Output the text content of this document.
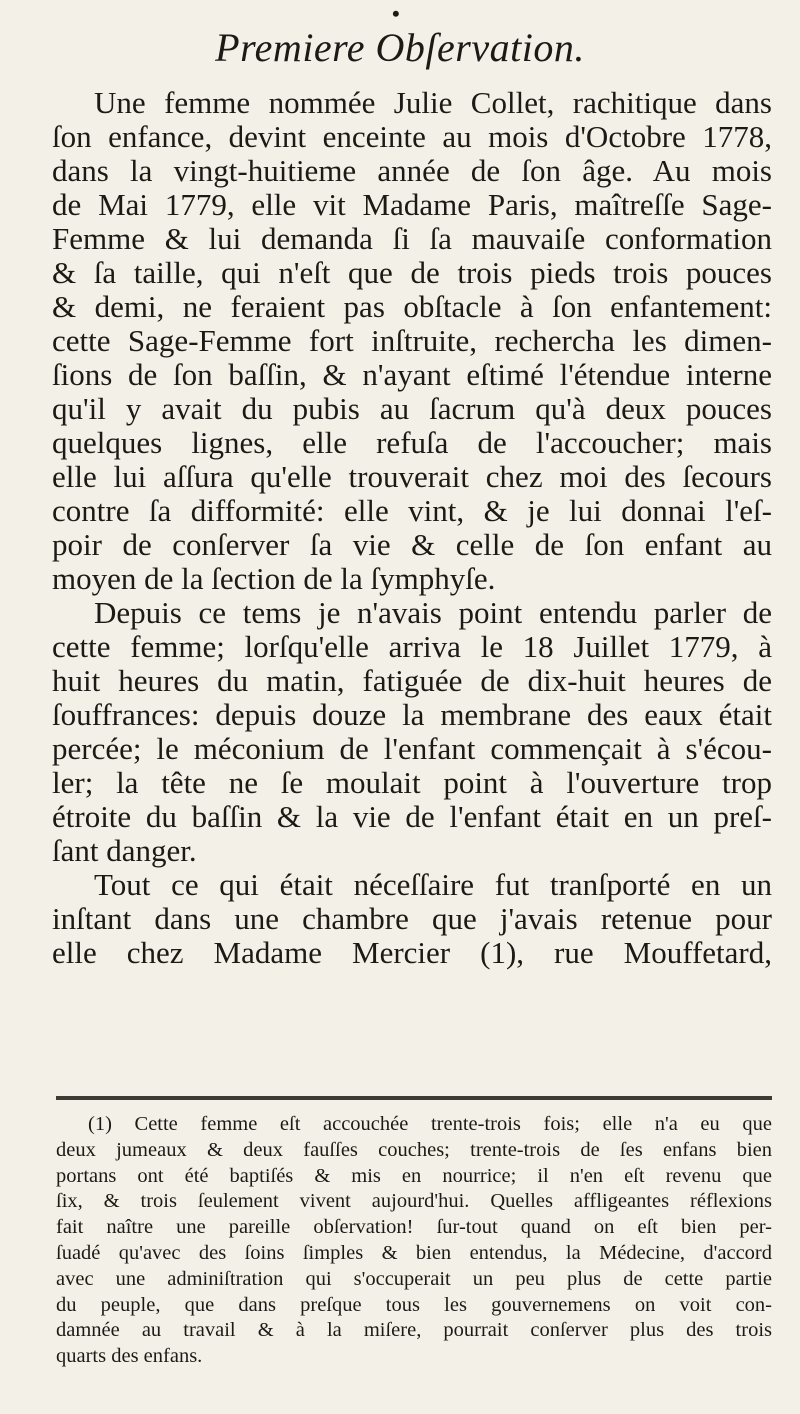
•
Premiere Obſervation.
Une femme nommée Julie Collet, rachitique dans
ſon enfance, devint enceinte au mois d'Octobre 1778,
dans la vingt-huitieme année de ſon âge. Au mois
de Mai 1779, elle vit Madame Paris, maîtreſſe Sage-
Femme & lui demanda ſi ſa mauvaiſe conformation
& ſa taille, qui n'eſt que de trois pieds trois pouces
& demi, ne feraient pas obſtacle à ſon enfantement:
cette Sage-Femme fort inſtruite, rechercha les dimen-
ſions de ſon baſſin, & n'ayant eſtimé l'étendue interne
qu'il y avait du pubis au ſacrum qu'à deux pouces
quelques lignes, elle refuſa de l'accoucher; mais
elle lui aſſura qu'elle trouverait chez moi des ſecours
contre ſa difformité: elle vint, & je lui donnai l'eſ-
poir de conſerver ſa vie & celle de ſon enfant au
moyen de la ſection de la ſymphyſe.
Depuis ce tems je n'avais point entendu parler de
cette femme; lorſqu'elle arriva le 18 Juillet 1779, à
huit heures du matin, fatiguée de dix-huit heures de
ſouffrances: depuis douze la membrane des eaux était
percée; le méconium de l'enfant commençait à s'écou-
ler; la tête ne ſe moulait point à l'ouverture trop
étroite du baſſin & la vie de l'enfant était en un preſ-
ſant danger.
Tout ce qui était néceſſaire fut tranſporté en un
inſtant dans une chambre que j'avais retenue pour
elle chez Madame Mercier (1), rue Mouffetard,
(1) Cette femme eſt accouchée trente-trois fois; elle n'a eu que
deux jumeaux & deux fauſſes couches; trente-trois de ſes enfans bien
portans ont été baptiſés & mis en nourrice; il n'en eſt revenu que
ſix, & trois ſeulement vivent aujourd'hui. Quelles affligeantes réflexions
fait naître une pareille obſervation! ſur-tout quand on eſt bien per-
ſuadé qu'avec des ſoins ſimples & bien entendus, la Médecine, d'accord
avec une adminiſtration qui s'occuperait un peu plus de cette partie
du peuple, que dans preſque tous les gouvernemens on voit con-
damnée au travail & à la miſere, pourrait conſerver plus des trois
quarts des enfans.
